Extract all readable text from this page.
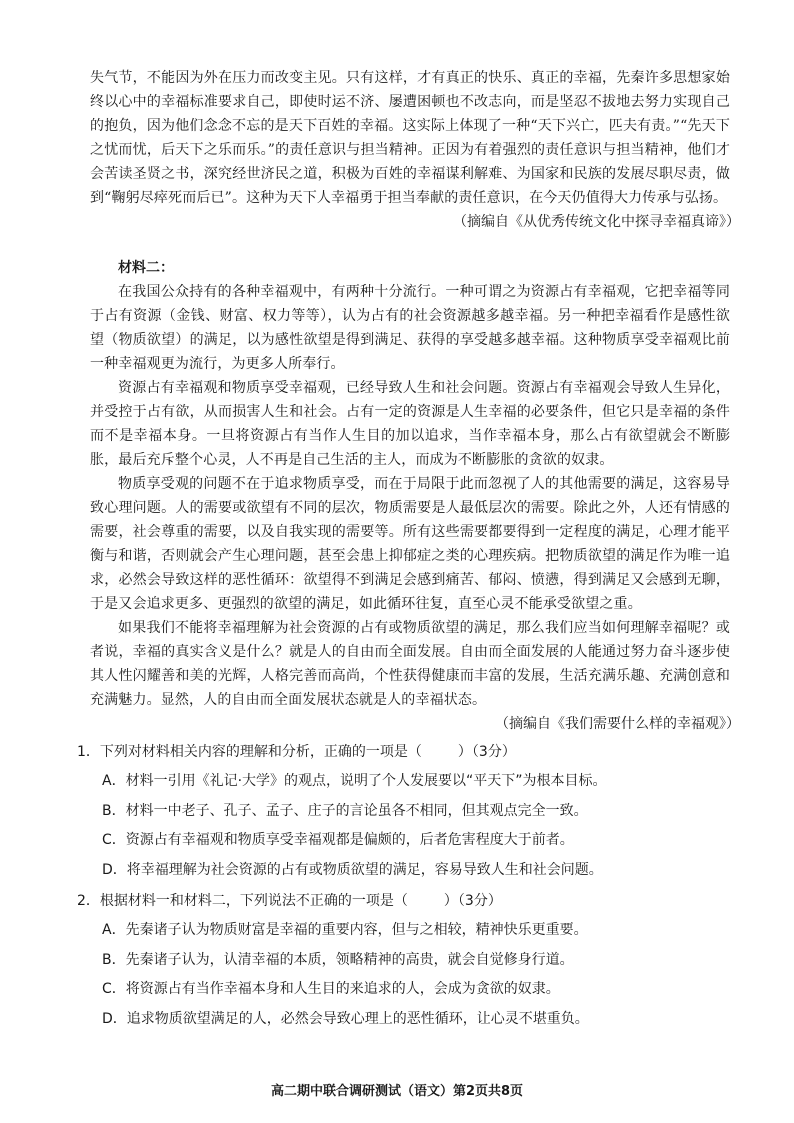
失气节，不能因为外在压力而改变主见。只有这样，才有真正的快乐、真正的幸福，先秦许多思想家始终以心中的幸福标准要求自己，即使时运不济、屡遭困顿也不改志向，而是坚忍不拔地去努力实现自己的抱负，因为他们念念不忘的是天下百姓的幸福。这实际上体现了一种“天下兴亡，匹夫有责。”“先天下之忧而忧，后天下之乐而乐。”的责任意识与担当精神。正因为有着强烈的责任意识与担当精神，他们才会苦读圣贤之书，深究经世济民之道，积极为百姓的幸福谋利解难、为国家和民族的发展尽职尽责，做到“鞠躬尽瘁死而后已”。这种为天下人幸福勇于担当奉献的责任意识，在今天仍值得大力传承与弘扬。

（摘编自《从优秀传统文化中探寻幸福真谛》）

材料二：

在我国公众持有的各种幸福观中，有两种十分流行。一种可谓之为资源占有幸福观，它把幸福等同于占有资源（金钱、财富、权力等等），认为占有的社会资源越多越幸福。另一种把幸福看作是感性欲望（物质欲望）的满足，以为感性欲望是得到满足、获得的享受越多越幸福。这种物质享受幸福观比前一种幸福观更为流行，为更多人所奉行。

资源占有幸福观和物质享受幸福观，已经导致人生和社会问题。资源占有幸福观会导致人生异化，并受控于占有欲，从而损害人生和社会。占有一定的资源是人生幸福的必要条件，但它只是幸福的条件而不是幸福本身。一旦将资源占有当作人生目的加以追求，当作幸福本身，那么占有欲望就会不断膨胀，最后充斥整个心灵，人不再是自己生活的主人，而成为不断膨胀的贪欲的奴隶。

物质享受观的问题不在于追求物质享受，而在于局限于此而忽视了人的其他需要的满足，这容易导致心理问题。人的需要或欲望有不同的层次，物质需要是人最低层次的需要。除此之外，人还有情感的需要，社会尊重的需要，以及自我实现的需要等。所有这些需要都要得到一定程度的满足，心理才能平衡与和谐，否则就会产生心理问题，甚至会患上抑郁症之类的心理疾病。把物质欲望的满足作为唯一追求，必然会导致这样的恶性循环：欲望得不到满足会感到痛苦、郁闷、愤懑，得到满足又会感到无聊，于是又会追求更多、更强烈的欲望的满足，如此循环往复，直至心灵不能承受欲望之重。

如果我们不能将幸福理解为社会资源的占有或物质欲望的满足，那么我们应当如何理解幸福呢？或者说，幸福的真实含义是什么？就是人的自由而全面发展。自由而全面发展的人能通过努力奋斗逐步使其人性闪耀善和美的光辉，人格完善而高尚，个性获得健康而丰富的发展，生活充满乐趣、充满创意和充满魅力。显然，人的自由而全面发展状态就是人的幸福状态。

（摘编自《我们需要什么样的幸福观》）

1．下列对材料相关内容的理解和分析，正确的一项是（	）（3分）

A．材料一引用《礼记·大学》的观点，说明了个人发展要以“平天下”为根本目标。

B．材料一中老子、孔子、孟子、庄子的言论虽各不相同，但其观点完全一致。

C．资源占有幸福观和物质享受幸福观都是偏颇的，后者危害程度大于前者。

D．将幸福理解为社会资源的占有或物质欲望的满足，容易导致人生和社会问题。

2．根据材料一和材料二，下列说法不正确的一项是（	）（3分）

A．先秦诸子认为物质财富是幸福的重要内容，但与之相较，精神快乐更重要。

B．先秦诸子认为，认清幸福的本质，领略精神的高贵，就会自觉修身行道。

C．将资源占有当作幸福本身和人生目的来追求的人，会成为贪欲的奴隶。

D．追求物质欲望满足的人，必然会导致心理上的恶性循环，让心灵不堪重负。

高二期中联合调研测试（语文）第2页共8页
